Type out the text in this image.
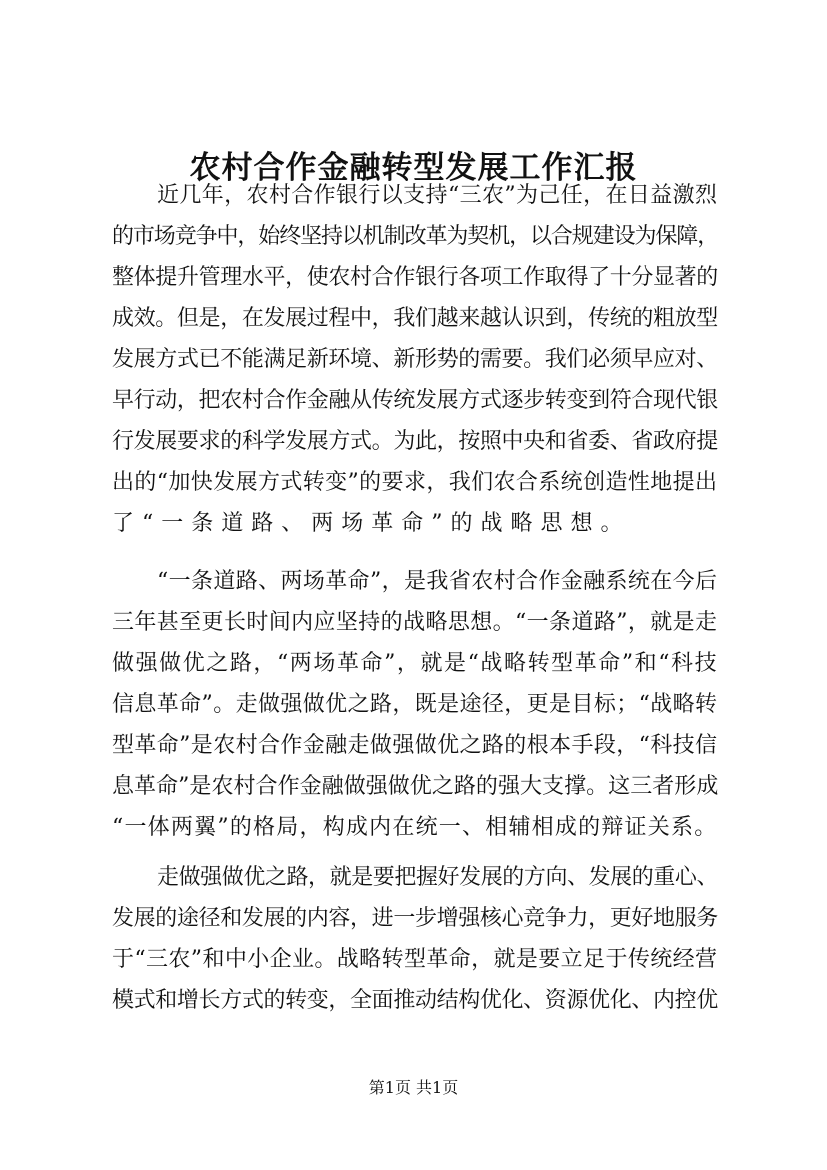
农村合作金融转型发展工作汇报
近几年，农村合作银行以支持“三农”为己任，在日益激烈
的市场竞争中，始终坚持以机制改革为契机，以合规建设为保障，
整体提升管理水平，使农村合作银行各项工作取得了十分显著的
成效。但是，在发展过程中，我们越来越认识到，传统的粗放型
发展方式已不能满足新环境、新形势的需要。我们必须早应对、
早行动，把农村合作金融从传统发展方式逐步转变到符合现代银
行发展要求的科学发展方式。为此，按照中央和省委、省政府提
出的“加快发展方式转变”的要求，我们农合系统创造性地提出
了“一条道路、两场革命”的战略思想。
“一条道路、两场革命”，是我省农村合作金融系统在今后
三年甚至更长时间内应坚持的战略思想。“一条道路”，就是走
做强做优之路，“两场革命”，就是“战略转型革命”和“科技
信息革命”。走做强做优之路，既是途径，更是目标；“战略转
型革命”是农村合作金融走做强做优之路的根本手段，“科技信
息革命”是农村合作金融做强做优之路的强大支撑。这三者形成
“一体两翼”的格局，构成内在统一、相辅相成的辩证关系。
走做强做优之路，就是要把握好发展的方向、发展的重心、
发展的途径和发展的内容，进一步增强核心竞争力，更好地服务
于“三农”和中小企业。战略转型革命，就是要立足于传统经营
模式和增长方式的转变，全面推动结构优化、资源优化、内控优
第1页 共1页
